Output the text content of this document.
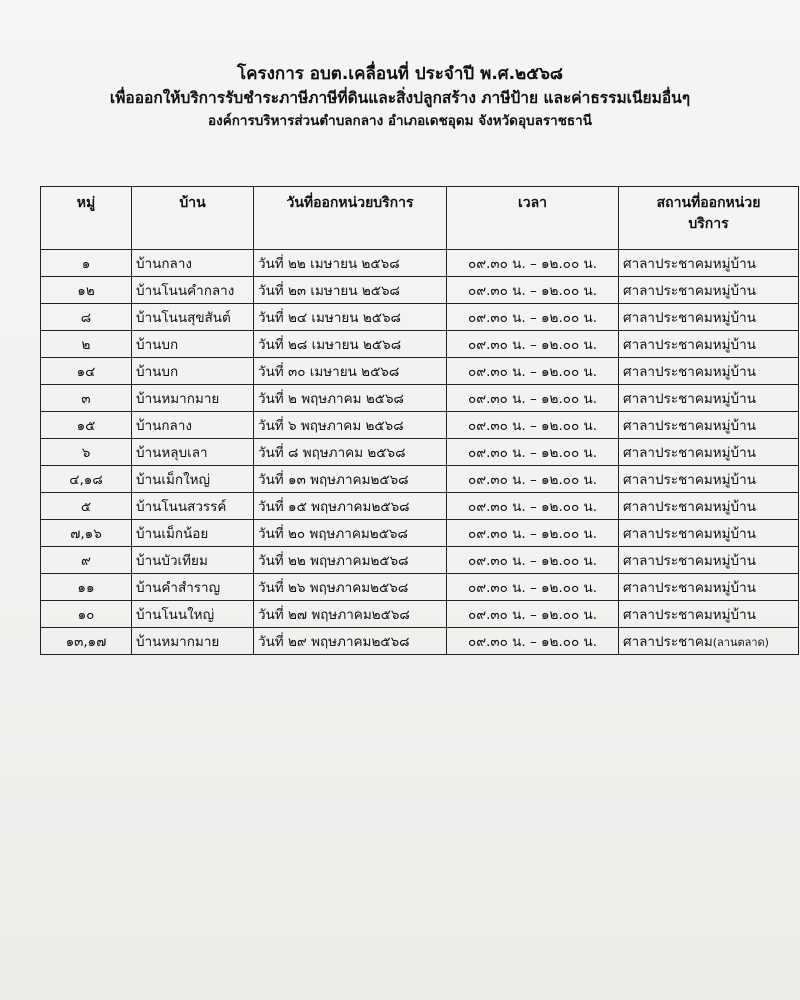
โครงการ อบต.เคลื่อนที่ ประจำปี พ.ศ.๒๕๖๘
เพื่อออกให้บริการรับชำระภาษีภาษีที่ดินและสิ่งปลูกสร้าง ภาษีป้าย และค่าธรรมเนียมอื่นๆ
องค์การบริหารส่วนตำบลกลาง อำเภอเดชอุดม จังหวัดอุบลราชธานี
หมู่	บ้าน	วันที่ออกหน่วยบริการ	เวลา	สถานที่ออกหน่วย
บริการ

๑	บ้านกลาง	วันที่ ๒๒ เมษายน ๒๕๖๘	๐๙.๓๐ น. – ๑๒.๐๐ น.	ศาลาประชาคมหมู่บ้าน
๑๒	บ้านโนนคำกลาง	วันที่ ๒๓ เมษายน ๒๕๖๘	๐๙.๓๐ น. – ๑๒.๐๐ น.	ศาลาประชาคมหมู่บ้าน
๘	บ้านโนนสุขสันต์	วันที่ ๒๔ เมษายน ๒๕๖๘	๐๙.๓๐ น. – ๑๒.๐๐ น.	ศาลาประชาคมหมู่บ้าน
๒	บ้านบก	วันที่ ๒๘ เมษายน ๒๕๖๘	๐๙.๓๐ น. – ๑๒.๐๐ น.	ศาลาประชาคมหมู่บ้าน
๑๔	บ้านบก	วันที่ ๓๐ เมษายน ๒๕๖๘	๐๙.๓๐ น. – ๑๒.๐๐ น.	ศาลาประชาคมหมู่บ้าน
๓	บ้านหมากมาย	วันที่ ๒ พฤษภาคม ๒๕๖๘	๐๙.๓๐ น. – ๑๒.๐๐ น.	ศาลาประชาคมหมู่บ้าน
๑๕	บ้านกลาง	วันที่ ๖ พฤษภาคม ๒๕๖๘	๐๙.๓๐ น. – ๑๒.๐๐ น.	ศาลาประชาคมหมู่บ้าน
๖	บ้านหลุบเลา	วันที่ ๘ พฤษภาคม ๒๕๖๘	๐๙.๓๐ น. – ๑๒.๐๐ น.	ศาลาประชาคมหมู่บ้าน
๔,๑๘	บ้านเม็กใหญ่	วันที่ ๑๓ พฤษภาคม๒๕๖๘	๐๙.๓๐ น. – ๑๒.๐๐ น.	ศาลาประชาคมหมู่บ้าน
๕	บ้านโนนสวรรค์	วันที่ ๑๕ พฤษภาคม๒๕๖๘	๐๙.๓๐ น. – ๑๒.๐๐ น.	ศาลาประชาคมหมู่บ้าน
๗,๑๖	บ้านเม็กน้อย	วันที่ ๒๐ พฤษภาคม๒๕๖๘	๐๙.๓๐ น. – ๑๒.๐๐ น.	ศาลาประชาคมหมู่บ้าน
๙	บ้านบัวเทียม	วันที่ ๒๒ พฤษภาคม๒๕๖๘	๐๙.๓๐ น. – ๑๒.๐๐ น.	ศาลาประชาคมหมู่บ้าน
๑๑	บ้านคำสำราญ	วันที่ ๒๖ พฤษภาคม๒๕๖๘	๐๙.๓๐ น. – ๑๒.๐๐ น.	ศาลาประชาคมหมู่บ้าน
๑๐	บ้านโนนใหญ่	วันที่ ๒๗ พฤษภาคม๒๕๖๘	๐๙.๓๐ น. – ๑๒.๐๐ น.	ศาลาประชาคมหมู่บ้าน
๑๓,๑๗	บ้านหมากมาย	วันที่ ๒๙ พฤษภาคม๒๕๖๘	๐๙.๓๐ น. – ๑๒.๐๐ น.	ศาลาประชาคม(ลานตลาด)
